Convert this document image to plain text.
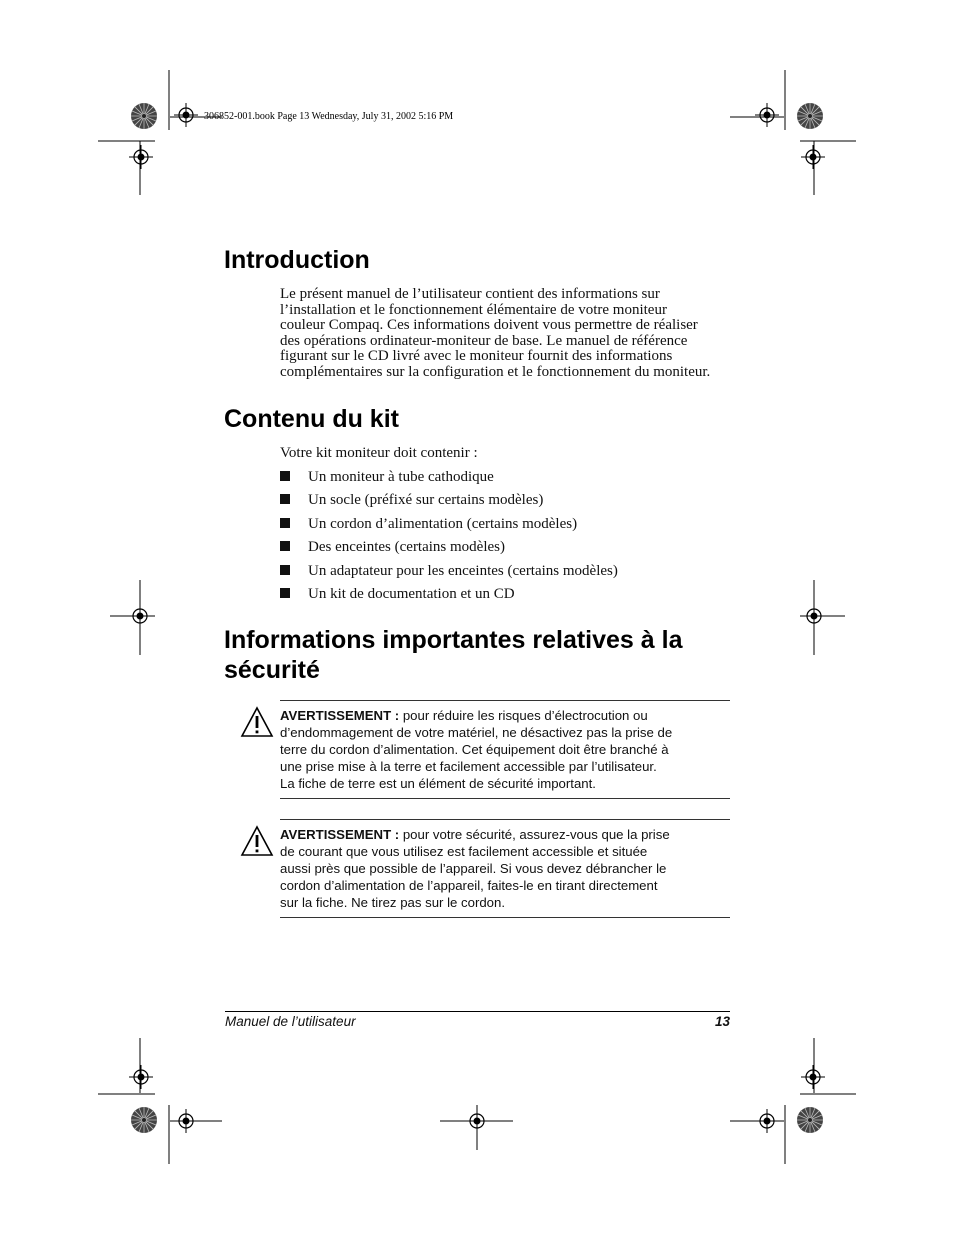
306852-001.book Page 13 Wednesday, July 31, 2002 5:16 PM
Introduction
Le présent manuel de l’utilisateur contient des informations sur
l’installation et le fonctionnement élémentaire de votre moniteur
couleur Compaq. Ces informations doivent vous permettre de réaliser
des opérations ordinateur-moniteur de base. Le manuel de référence
figurant sur le CD livré avec le moniteur fournit des informations
complémentaires sur la configuration et le fonctionnement du moniteur.
Contenu du kit
Votre kit moniteur doit contenir :
Un moniteur à tube cathodique
Un socle (préfixé sur certains modèles)
Un cordon d’alimentation (certains modèles)
Des enceintes (certains modèles)
Un adaptateur pour les enceintes (certains modèles)
Un kit de documentation et un CD
Informations importantes relatives à la
sécurité
AVERTISSEMENT : pour réduire les risques d’électrocution ou
d’endommagement de votre matériel, ne désactivez pas la prise de
terre du cordon d’alimentation. Cet équipement doit être branché à
une prise mise à la terre et facilement accessible par l’utilisateur.
La fiche de terre est un élément de sécurité important.
AVERTISSEMENT : pour votre sécurité, assurez-vous que la prise
de courant que vous utilisez est facilement accessible et située
aussi près que possible de l’appareil. Si vous devez débrancher le
cordon d’alimentation de l’appareil, faites-le en tirant directement
sur la fiche. Ne tirez pas sur le cordon.
Manuel de l’utilisateur	13
